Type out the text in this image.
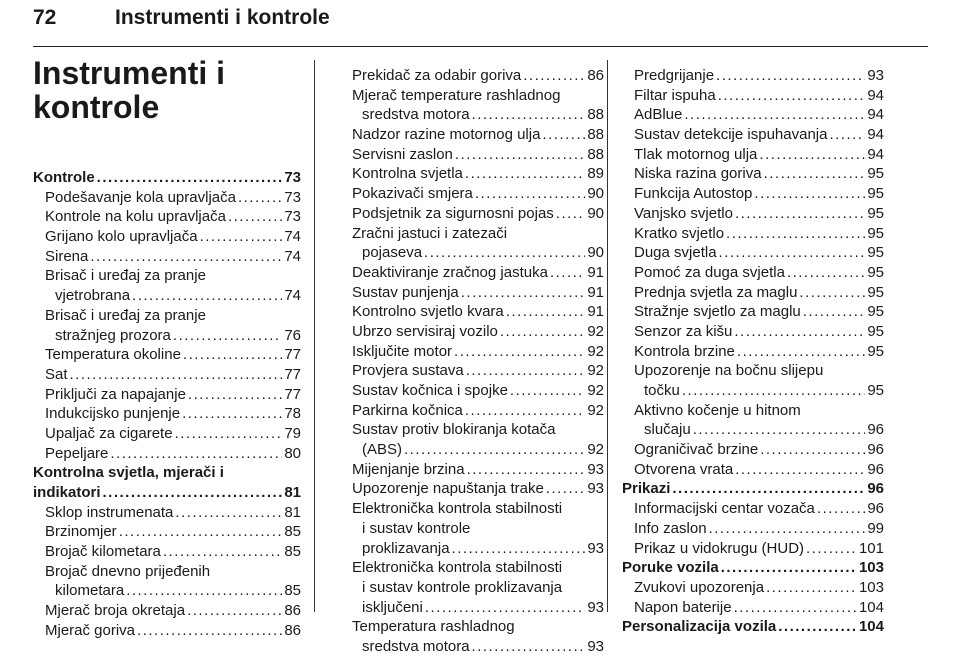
72	Instrumenti i kontrole
Instrumenti i kontrole
Kontrole .....	73
Podešavanje kola upravljača .....	73
Kontrole na kolu upravljača .....	73
Grijano kolo upravljača .....	74
Sirena .....	74
Brisač i uređaj za pranje
vjetrobrana .....	74
Brisač i uređaj za pranje
stražnjeg prozora .....	76
Temperatura okoline .....	77
Sat .....	77
Priključi za napajanje .....	77
Indukcijsko punjenje .....	78
Upaljač za cigarete .....	79
Pepeljare .....	80
Kontrolna svjetla, mjerači i
indikatori .....	81
Sklop instrumenata .....	81
Brzinomjer .....	85
Brojač kilometara .....	85
Brojač dnevno prijeđenih
kilometara .....	85
Mjerač broja okretaja .....	86
Mjerač goriva .....	86
Prekidač za odabir goriva .....	86
Mjerač temperature rashladnog
sredstva motora .....	88
Nadzor razine motornog ulja .....	88
Servisni zaslon .....	88
Kontrolna svjetla .....	89
Pokazivači smjera .....	90
Podsjetnik za sigurnosni pojas ..... 90
Zračni jastuci i zatezači
pojaseva .....	90
Deaktiviranje zračnog jastuka .....	91
Sustav punjenja .....	91
Kontrolno svjetlo kvara .....	91
Ubrzo servisiraj vozilo .....	92
Isključite motor .....	92
Provjera sustava .....	92
Sustav kočnica i spojke .....	92
Parkirna kočnica .....	92
Sustav protiv blokiranja kotača
(ABS) .....	92
Mijenjanje brzina .....	93
Upozorenje napuštanja trake .....	93
Elektronička kontrola stabilnosti
i sustav kontrole
proklizavanja .....	93
Elektronička kontrola stabilnosti
i sustav kontrole proklizavanja
isključeni .....	93
Temperatura rashladnog
sredstva motora .....	93
Predgrijanje .....	93
Filtar ispuha .....	94
AdBlue .....	94
Sustav detekcije ispuhavanja .....	94
Tlak motornog ulja .....	94
Niska razina goriva .....	95
Funkcija Autostop .....	95
Vanjsko svjetlo .....	95
Kratko svjetlo .....	95
Duga svjetla .....	95
Pomoć za duga svjetla .....	95
Prednja svjetla za maglu .....	95
Stražnje svjetlo za maglu .....	95
Senzor za kišu .....	95
Kontrola brzine .....	95
Upozorenje na bočnu slijepu
točku .....	95
Aktivno kočenje u hitnom
slučaju .....	96
Ograničivač brzine .....	96
Otvorena vrata .....	96
Prikazi .....	96
Informacijski centar vozača .....	96
Info zaslon .....	99
Prikaz u vidokrugu (HUD) .....	101
Poruke vozila .....	103
Zvukovi upozorenja .....	103
Napon baterije .....	104
Personalizacija vozila .....	104
